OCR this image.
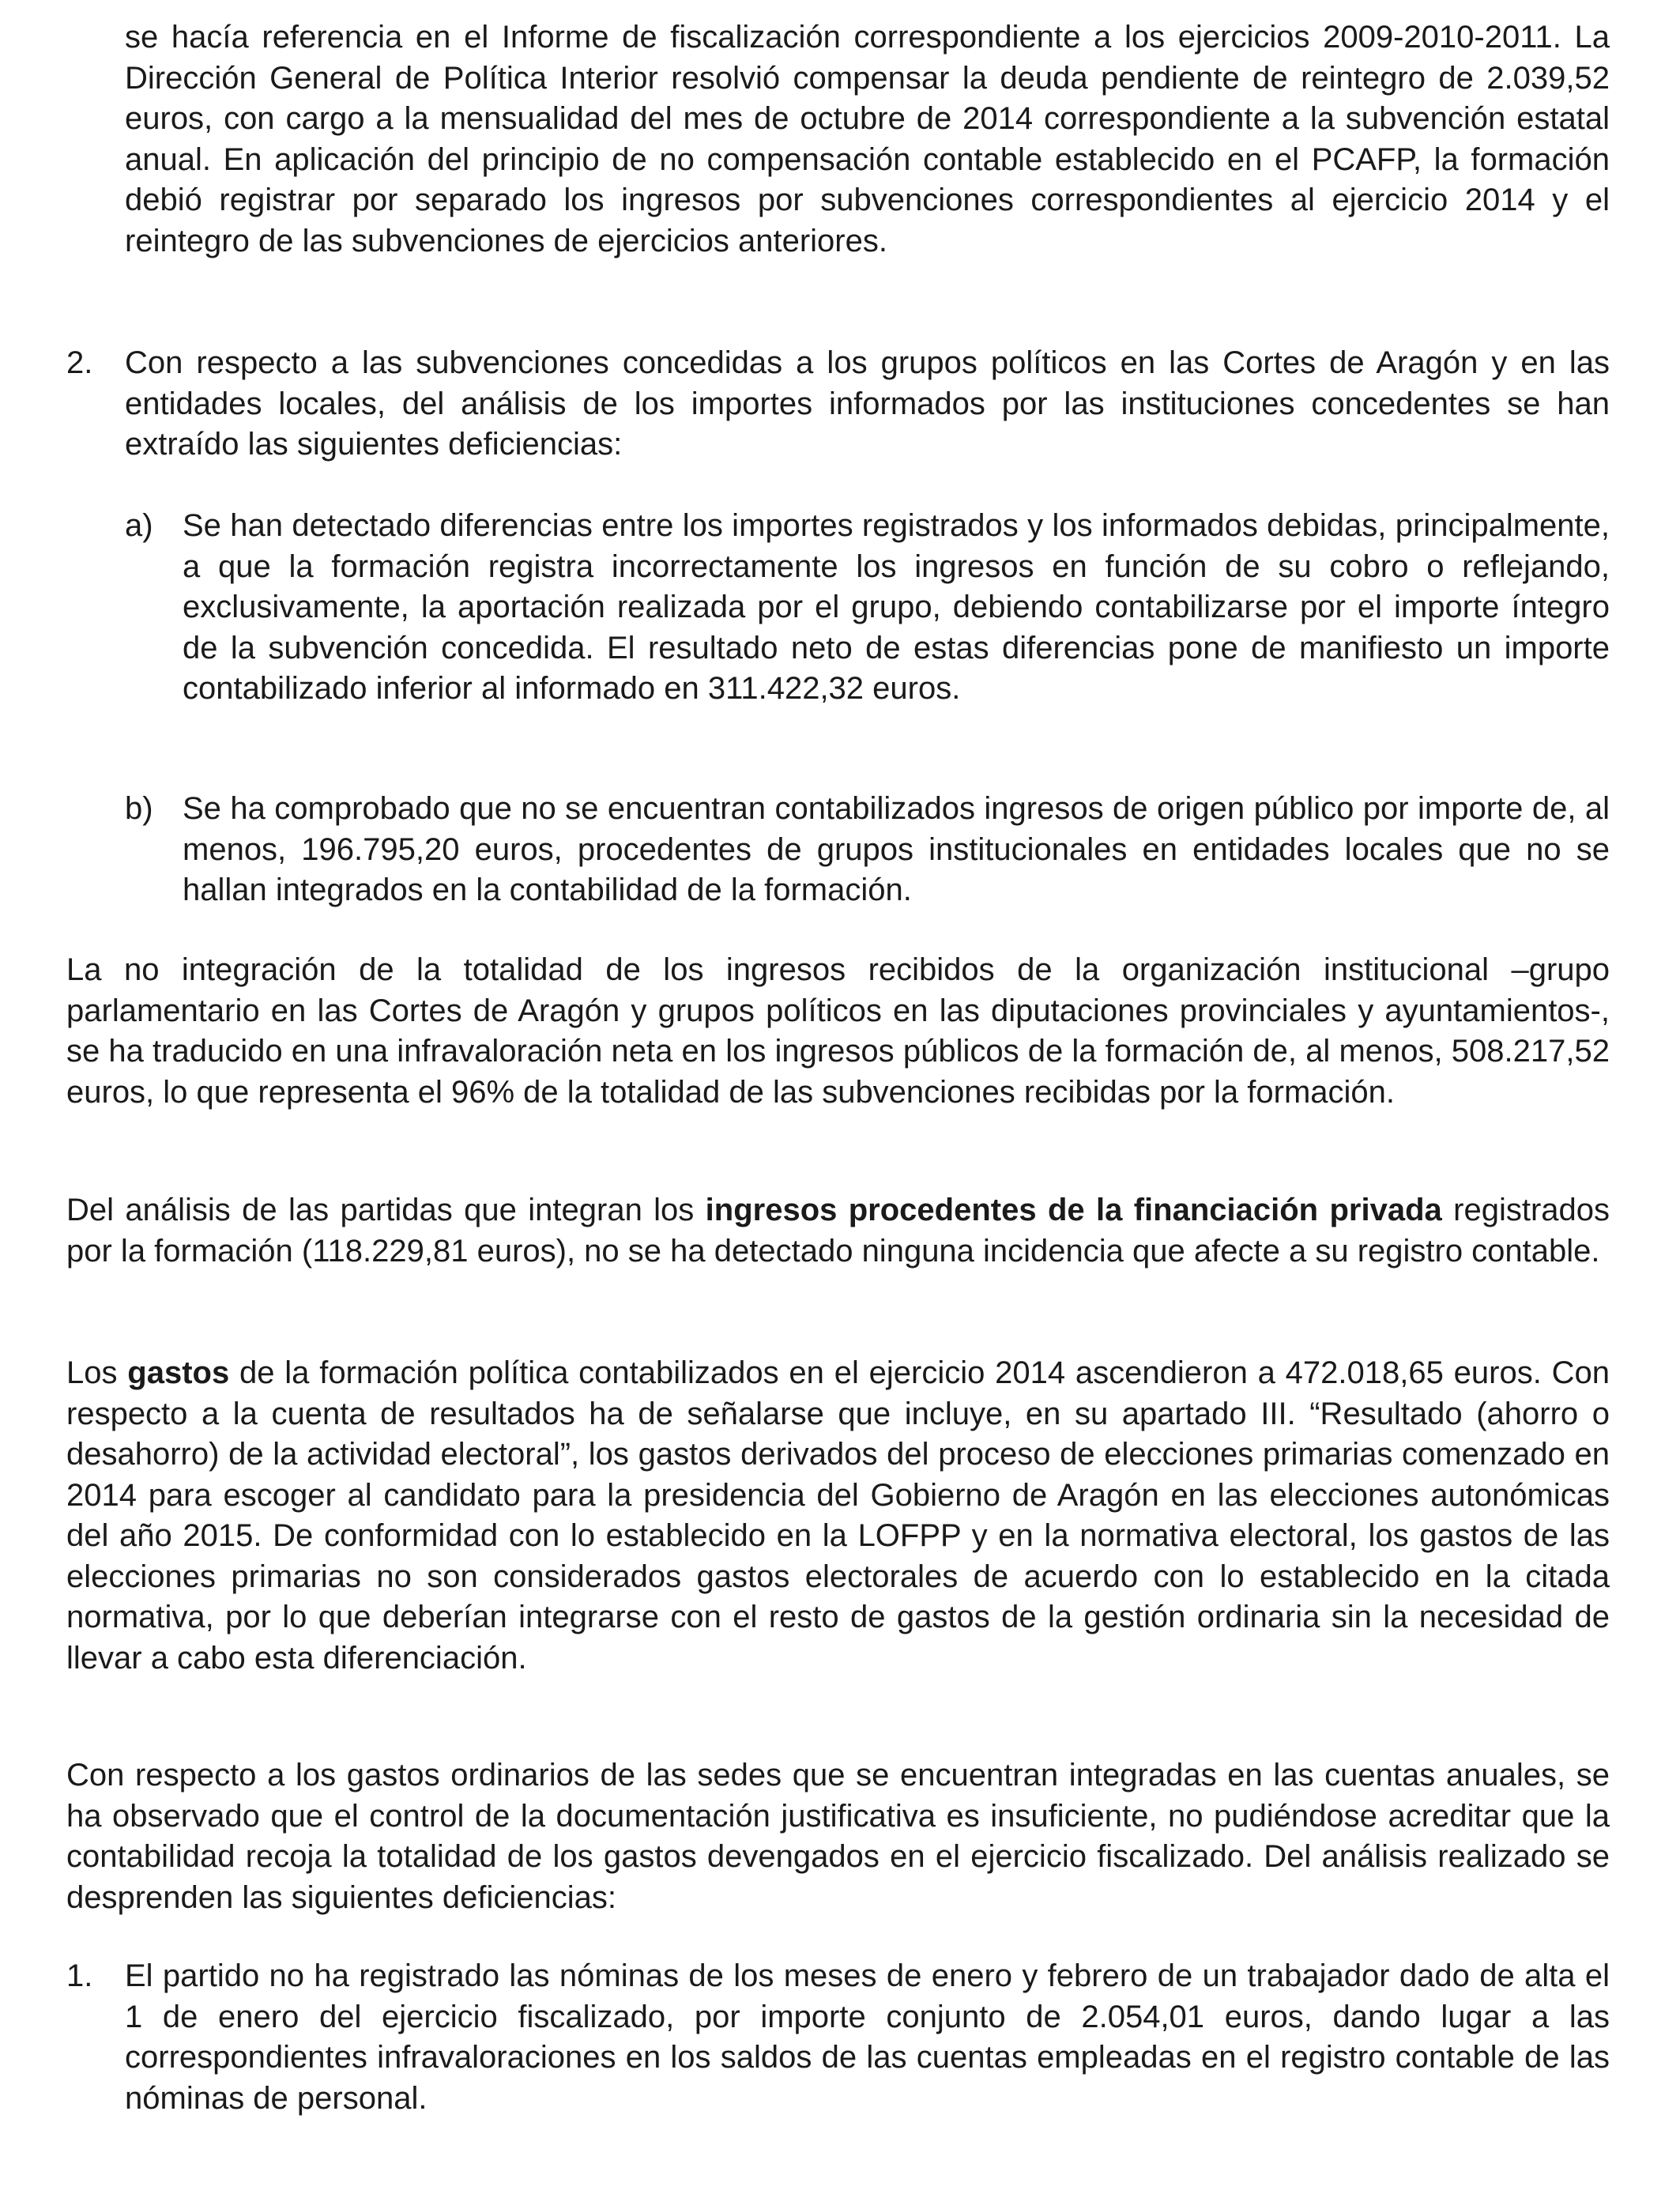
se hacía referencia en el Informe de fiscalización correspondiente a los ejercicios 2009-2010-2011. La Dirección General de Política Interior resolvió compensar la deuda pendiente de reintegro de 2.039,52 euros, con cargo a la mensualidad del mes de octubre de 2014 correspondiente a la subvención estatal anual. En aplicación del principio de no compensación contable establecido en el PCAFP, la formación debió registrar por separado los ingresos por subvenciones correspondientes al ejercicio 2014 y el reintegro de las subvenciones de ejercicios anteriores.

2. Con respecto a las subvenciones concedidas a los grupos políticos en las Cortes de Aragón y en las entidades locales, del análisis de los importes informados por las instituciones concedentes se han extraído las siguientes deficiencias:

a) Se han detectado diferencias entre los importes registrados y los informados debidas, principalmente, a que la formación registra incorrectamente los ingresos en función de su cobro o reflejando, exclusivamente, la aportación realizada por el grupo, debiendo contabilizarse por el importe íntegro de la subvención concedida. El resultado neto de estas diferencias pone de manifiesto un importe contabilizado inferior al informado en 311.422,32 euros.

b) Se ha comprobado que no se encuentran contabilizados ingresos de origen público por importe de, al menos, 196.795,20 euros, procedentes de grupos institucionales en entidades locales que no se hallan integrados en la contabilidad de la formación.

La no integración de la totalidad de los ingresos recibidos de la organización institucional –grupo parlamentario en las Cortes de Aragón y grupos políticos en las diputaciones provinciales y ayuntamientos-, se ha traducido en una infravaloración neta en los ingresos públicos de la formación de, al menos, 508.217,52 euros, lo que representa el 96% de la totalidad de las subvenciones recibidas por la formación.

Del análisis de las partidas que integran los ingresos procedentes de la financiación privada registrados por la formación (118.229,81 euros), no se ha detectado ninguna incidencia que afecte a su registro contable.

Los gastos de la formación política contabilizados en el ejercicio 2014 ascendieron a 472.018,65 euros. Con respecto a la cuenta de resultados ha de señalarse que incluye, en su apartado III. “Resultado (ahorro o desahorro) de la actividad electoral”, los gastos derivados del proceso de elecciones primarias comenzado en 2014 para escoger al candidato para la presidencia del Gobierno de Aragón en las elecciones autonómicas del año 2015. De conformidad con lo establecido en la LOFPP y en la normativa electoral, los gastos de las elecciones primarias no son considerados gastos electorales de acuerdo con lo establecido en la citada normativa, por lo que deberían integrarse con el resto de gastos de la gestión ordinaria sin la necesidad de llevar a cabo esta diferenciación.

Con respecto a los gastos ordinarios de las sedes que se encuentran integradas en las cuentas anuales, se ha observado que el control de la documentación justificativa es insuficiente, no pudiéndose acreditar que la contabilidad recoja la totalidad de los gastos devengados en el ejercicio fiscalizado. Del análisis realizado se desprenden las siguientes deficiencias:

1. El partido no ha registrado las nóminas de los meses de enero y febrero de un trabajador dado de alta el 1 de enero del ejercicio fiscalizado, por importe conjunto de 2.054,01 euros, dando lugar a las correspondientes infravaloraciones en los saldos de las cuentas empleadas en el registro contable de las nóminas de personal.
